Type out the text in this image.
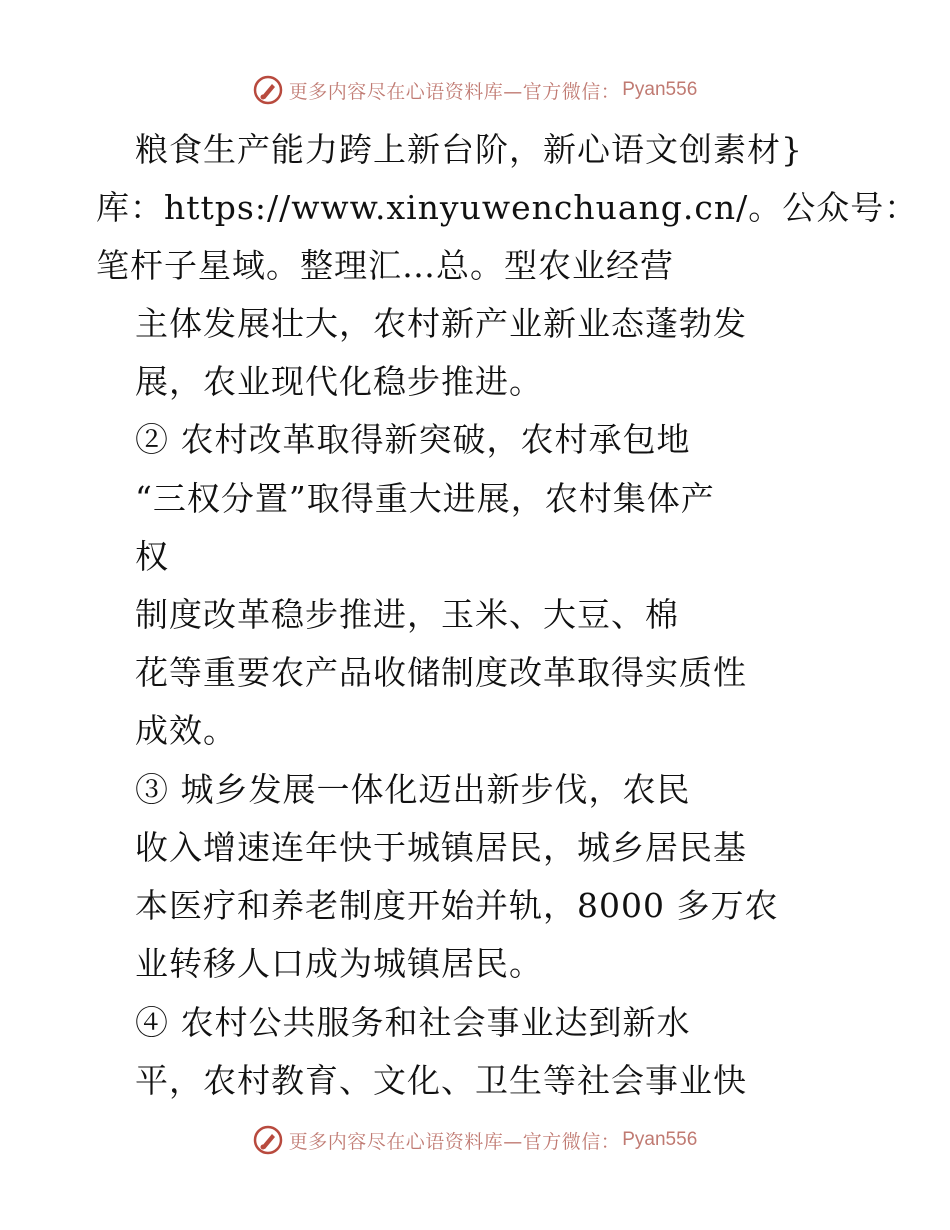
更多内容尽在心语资料库—官方微信： Pyan556
粮食生产能力跨上新台阶，新心语文创素材}
库：https://www.xinyuwenchuang.cn/。公众号：
笔杆子星域。整理汇…总。型农业经营
主体发展壮大，农村新产业新业态蓬勃发
展，农业现代化稳步推进。
② 农村改革取得新突破，农村承包地
“三权分置”取得重大进展，农村集体产
权
制度改革稳步推进，玉米、大豆、棉
花等重要农产品收储制度改革取得实质性
成效。
③ 城乡发展一体化迈出新步伐，农民
收入增速连年快于城镇居民，城乡居民基
本医疗和养老制度开始并轨，8000 多万农
业转移人口成为城镇居民。
④ 农村公共服务和社会事业达到新水
平，农村教育、文化、卫生等社会事业快
更多内容尽在心语资料库—官方微信： Pyan556
